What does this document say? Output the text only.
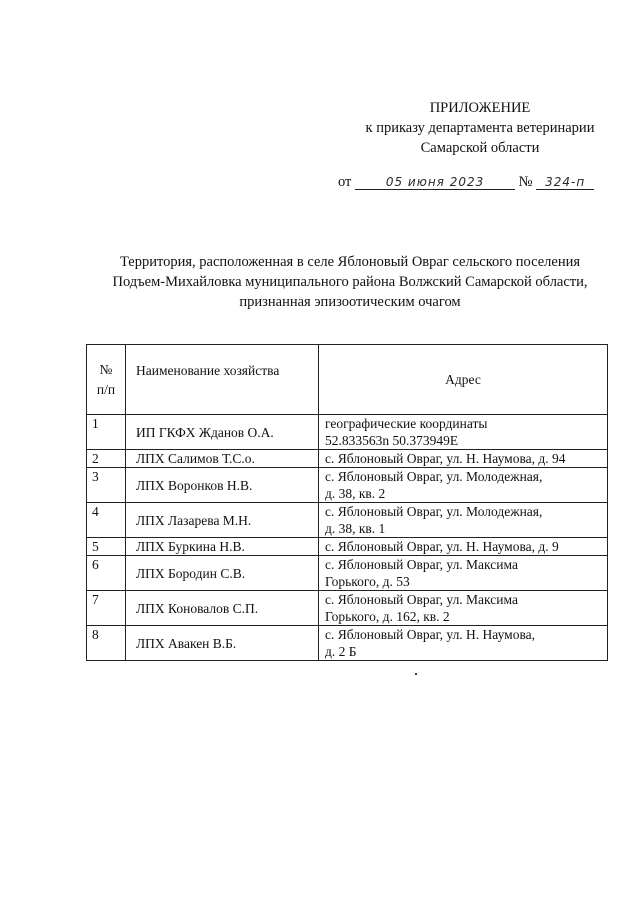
ПРИЛОЖЕНИЕ
к приказу департамента ветеринарии
Самарской области
от	05 июня 2023 № 324-п
Территория, расположенная в селе Яблоновый Овраг сельского поселения
Подъем-Михайловка муниципального района Волжский Самарской области,
признанная эпизоотическим очагом
№
п/п	Наименование хозяйства	Адрес
1	ИП ГКФХ Жданов О.А.	географические координаты
52.833563n 50.373949E

2	ЛПХ Салимов Т.С.о.	с. Яблоновый Овраг, ул. Н. Наумова, д. 94

3	ЛПХ Воронков Н.В.	с. Яблоновый Овраг, ул. Молодежная,
д. 38, кв. 2

4	ЛПХ Лазарева М.Н.	с. Яблоновый Овраг, ул. Молодежная,
д. 38, кв. 1

5	ЛПХ Буркина Н.В.	с. Яблоновый Овраг, ул. Н. Наумова, д. 9

6	ЛПХ Бородин С.В.	с. Яблоновый Овраг, ул. Максима
Горького, д. 53

7	ЛПХ Коновалов С.П.	с. Яблоновый Овраг, ул. Максима
Горького, д. 162, кв. 2

8	ЛПХ Авакен В.Б.	с. Яблоновый Овраг, ул. Н. Наумова,
д. 2 Б
